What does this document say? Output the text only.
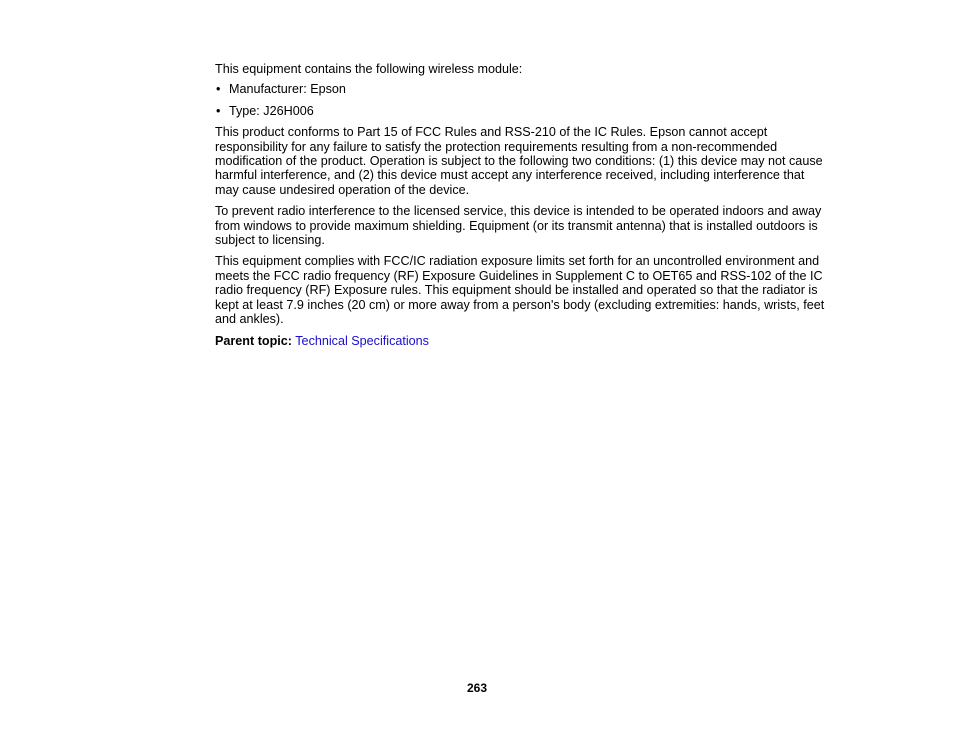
This equipment contains the following wireless module:

• Manufacturer: Epson
• Type: J26H006

This product conforms to Part 15 of FCC Rules and RSS-210 of the IC Rules. Epson cannot accept responsibility for any failure to satisfy the protection requirements resulting from a non-recommended modification of the product. Operation is subject to the following two conditions: (1) this device may not cause harmful interference, and (2) this device must accept any interference received, including interference that may cause undesired operation of the device.

To prevent radio interference to the licensed service, this device is intended to be operated indoors and away from windows to provide maximum shielding. Equipment (or its transmit antenna) that is installed outdoors is subject to licensing.

This equipment complies with FCC/IC radiation exposure limits set forth for an uncontrolled environment and meets the FCC radio frequency (RF) Exposure Guidelines in Supplement C to OET65 and RSS-102 of the IC radio frequency (RF) Exposure rules. This equipment should be installed and operated so that the radiator is kept at least 7.9 inches (20 cm) or more away from a person's body (excluding extremities: hands, wrists, feet and ankles).

Parent topic: Technical Specifications

263
